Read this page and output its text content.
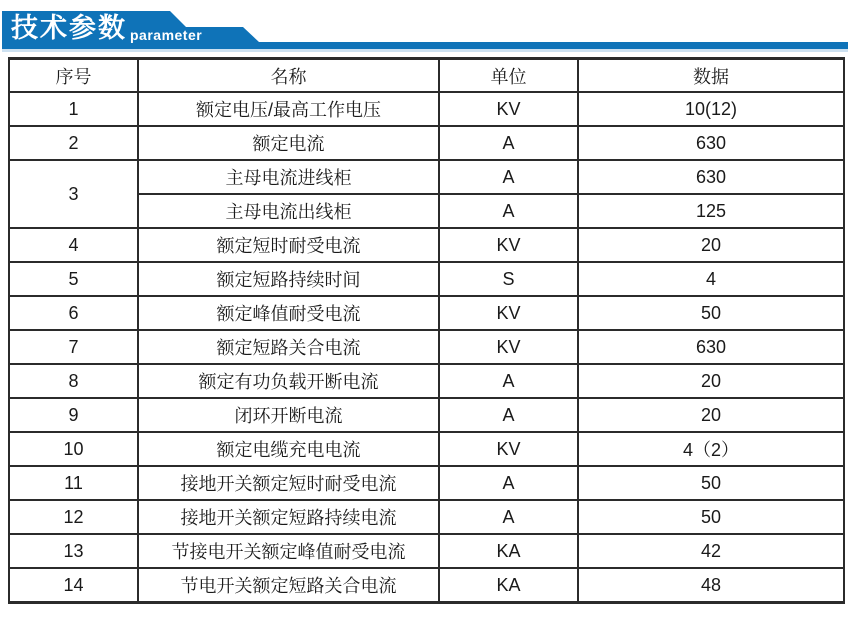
技术参数 parameter
序号	名称	单位	数据
1	额定电压/最高工作电压	KV	10(12)
2	额定电流	A	630
3	主母电流进线柜	A	630
	主母电流出线柜	A	125
4	额定短时耐受电流	KV	20
5	额定短路持续时间	S	4
6	额定峰值耐受电流	KV	50
7	额定短路关合电流	KV	630
8	额定有功负载开断电流	A	20
9	闭环开断电流	A	20
10	额定电缆充电电流	KV	4（2）
11	接地开关额定短时耐受电流	A	50
12	接地开关额定短路持续电流	A	50
13	节接电开关额定峰值耐受电流	KA	42
14	节电开关额定短路关合电流	KA	48
